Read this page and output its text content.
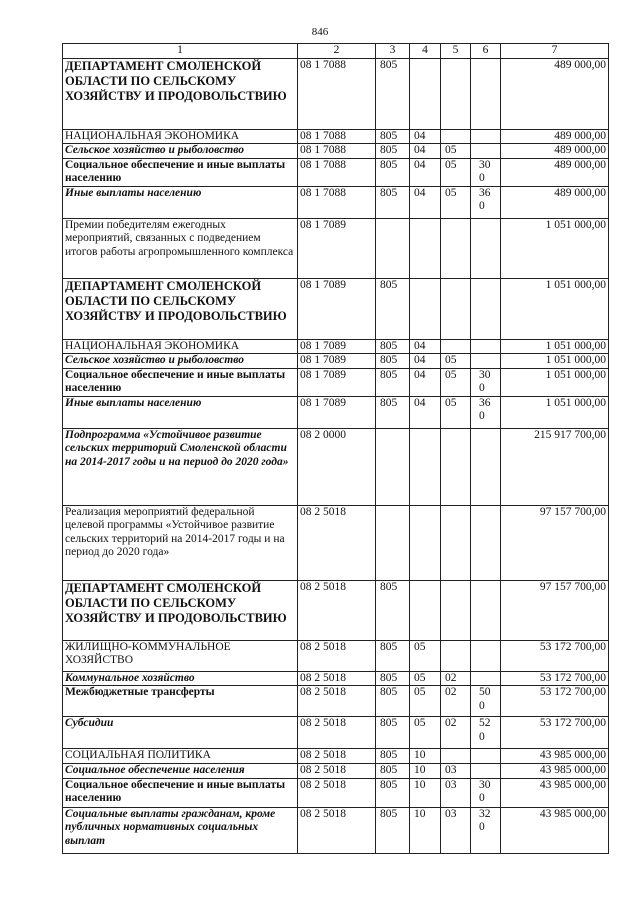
846
1	2	3	4	5	6	7
ДЕПАРТАМЕНТ СМОЛЕНСКОЙ ОБЛАСТИ ПО СЕЛЬСКОМУ ХОЗЯЙСТВУ И ПРОДОВОЛЬСТВИЮ	08 1 7088	805				489 000,00
НАЦИОНАЛЬНАЯ ЭКОНОМИКА	08 1 7088	805	04			489 000,00
Сельское хозяйство и рыболовство	08 1 7088	805	04	05		489 000,00
Социальное обеспечение и иные выплаты населению	08 1 7088	805	04	05	30 0	489 000,00
Иные выплаты населению	08 1 7088	805	04	05	36 0	489 000,00
Премии победителям ежегодных мероприятий, связанных с подведением итогов работы агропромышленного комплекса	08 1 7089					1 051 000,00
ДЕПАРТАМЕНТ СМОЛЕНСКОЙ ОБЛАСТИ ПО СЕЛЬСКОМУ ХОЗЯЙСТВУ И ПРОДОВОЛЬСТВИЮ	08 1 7089	805				1 051 000,00
НАЦИОНАЛЬНАЯ ЭКОНОМИКА	08 1 7089	805	04			1 051 000,00
Сельское хозяйство и рыболовство	08 1 7089	805	04	05		1 051 000,00
Социальное обеспечение и иные выплаты населению	08 1 7089	805	04	05	30 0	1 051 000,00
Иные выплаты населению	08 1 7089	805	04	05	36 0	1 051 000,00
Подпрограмма «Устойчивое развитие сельских территорий Смоленской области на 2014-2017 годы и на период до 2020 года»	08 2 0000					215 917 700,00
Реализация мероприятий федеральной целевой программы «Устойчивое развитие сельских территорий на 2014-2017 годы и на период до 2020 года»	08 2 5018					97 157 700,00
ДЕПАРТАМЕНТ СМОЛЕНСКОЙ ОБЛАСТИ ПО СЕЛЬСКОМУ ХОЗЯЙСТВУ И ПРОДОВОЛЬСТВИЮ	08 2 5018	805				97 157 700,00
ЖИЛИЩНО-КОММУНАЛЬНОЕ ХОЗЯЙСТВО	08 2 5018	805	05			53 172 700,00
Коммунальное хозяйство	08 2 5018	805	05	02		53 172 700,00
Межбюджетные трансферты	08 2 5018	805	05	02	50 0	53 172 700,00
Субсидии	08 2 5018	805	05	02	52 0	53 172 700,00
СОЦИАЛЬНАЯ ПОЛИТИКА	08 2 5018	805	10			43 985 000,00
Социальное обеспечение населения	08 2 5018	805	10	03		43 985 000,00
Социальное обеспечение и иные выплаты населению	08 2 5018	805	10	03	30 0	43 985 000,00
Социальные выплаты гражданам, кроме публичных нормативных социальных выплат	08 2 5018	805	10	03	32 0	43 985 000,00
